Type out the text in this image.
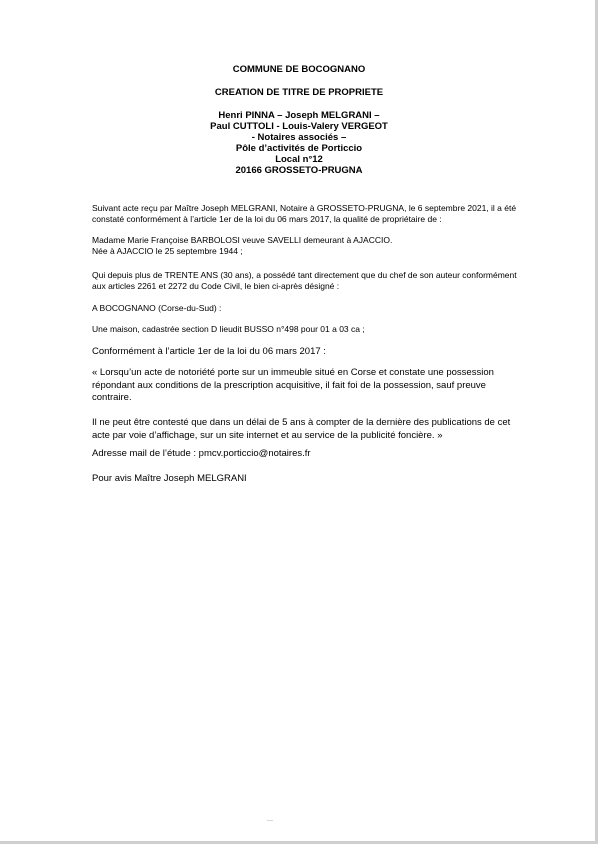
COMMUNE DE BOCOGNANO
CREATION DE TITRE DE PROPRIETE
Henri PINNA – Joseph MELGRANI –
Paul CUTTOLI - Louis-Valery VERGEOT
- Notaires associés –
Pôle d’activités de Porticcio
Local n°12
20166 GROSSETO-PRUGNA

Suivant acte reçu par Maître Joseph MELGRANI, Notaire à GROSSETO-PRUGNA, le 6 septembre 2021, il a été constaté conformément à l’article 1er de la loi du 06 mars 2017, la qualité de propriétaire de :

Madame Marie Françoise BARBOLOSI veuve SAVELLI demeurant à AJACCIO.
Née à AJACCIO le 25 septembre 1944 ;

Qui depuis plus de TRENTE ANS (30 ans), a possédé tant directement que du chef de son auteur conformément aux articles 2261 et 2272 du Code Civil, le bien ci-après désigné :

A BOCOGNANO (Corse-du-Sud) :

Une maison, cadastrée section D lieudit BUSSO n°498 pour 01 a 03 ca ;

Conformément à l’article 1er de la loi du 06 mars 2017 :

« Lorsqu’un acte de notoriété porte sur un immeuble situé en Corse et constate une possession répondant aux conditions de la prescription acquisitive, il fait foi de la possession, sauf preuve contraire.

Il ne peut être contesté que dans un délai de 5 ans à compter de la dernière des publications de cet acte par voie d’affichage, sur un site internet et au service de la publicité foncière. »

Adresse mail de l’étude : pmcv.porticcio@notaires.fr

Pour avis Maître Joseph MELGRANI
